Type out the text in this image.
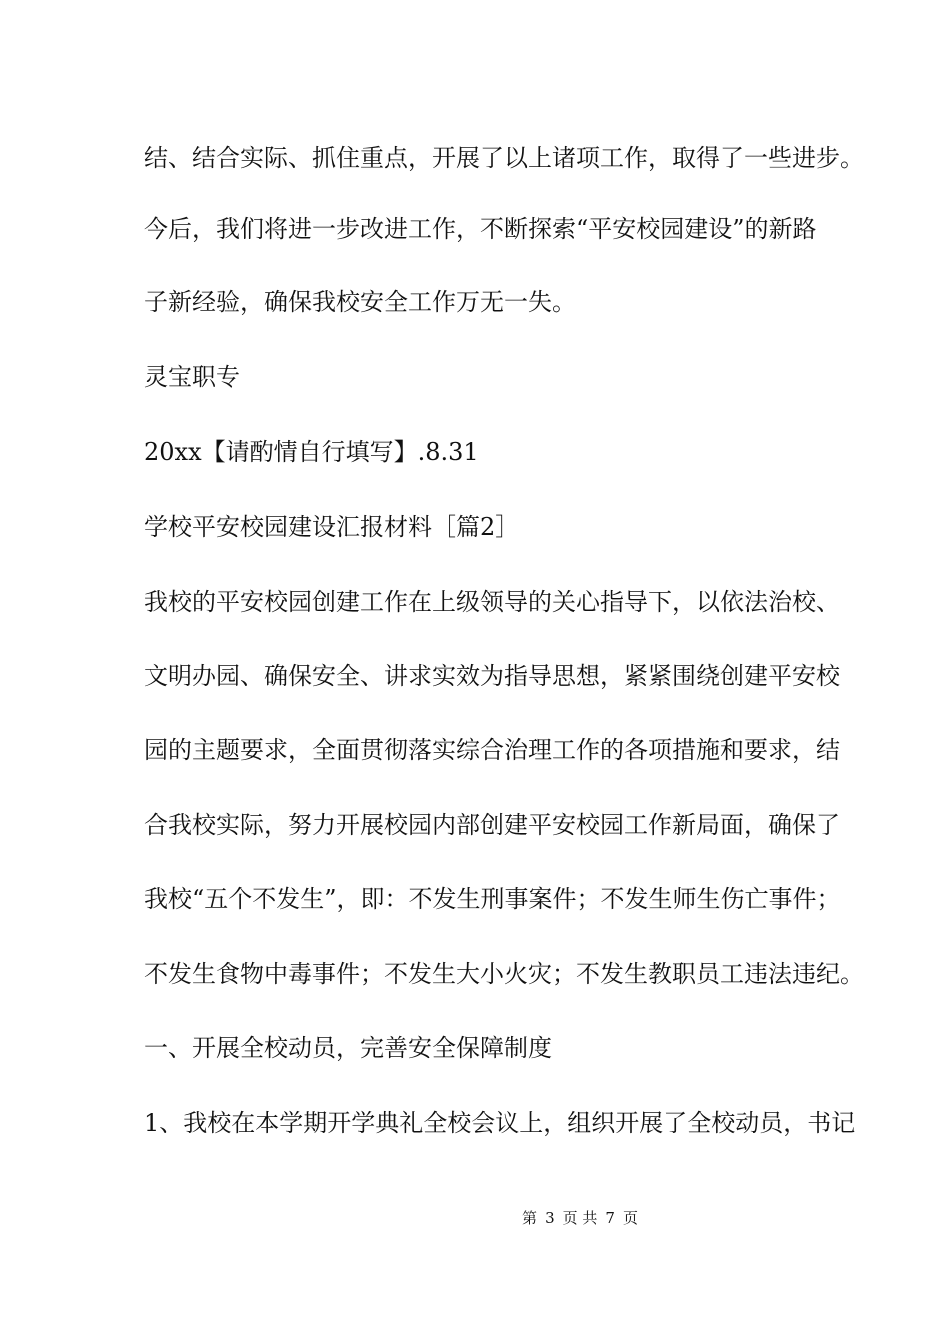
结、结合实际、抓住重点，开展了以上诸项工作，取得了一些进步。
今后，我们将进一步改进工作，不断探索“平安校园建设”的新路
子新经验，确保我校安全工作万无一失。
灵宝职专
20xx【请酌情自行填写】.8.31
学校平安校园建设汇报材料［篇2］
我校的平安校园创建工作在上级领导的关心指导下，以依法治校、
文明办园、确保安全、讲求实效为指导思想，紧紧围绕创建平安校
园的主题要求，全面贯彻落实综合治理工作的各项措施和要求，结
合我校实际，努力开展校园内部创建平安校园工作新局面，确保了
我校“五个不发生”，即：不发生刑事案件；不发生师生伤亡事件；
不发生食物中毒事件；不发生大小火灾；不发生教职员工违法违纪。
一、开展全校动员，完善安全保障制度
1、我校在本学期开学典礼全校会议上，组织开展了全校动员，书记
第 3 页 共 7 页
